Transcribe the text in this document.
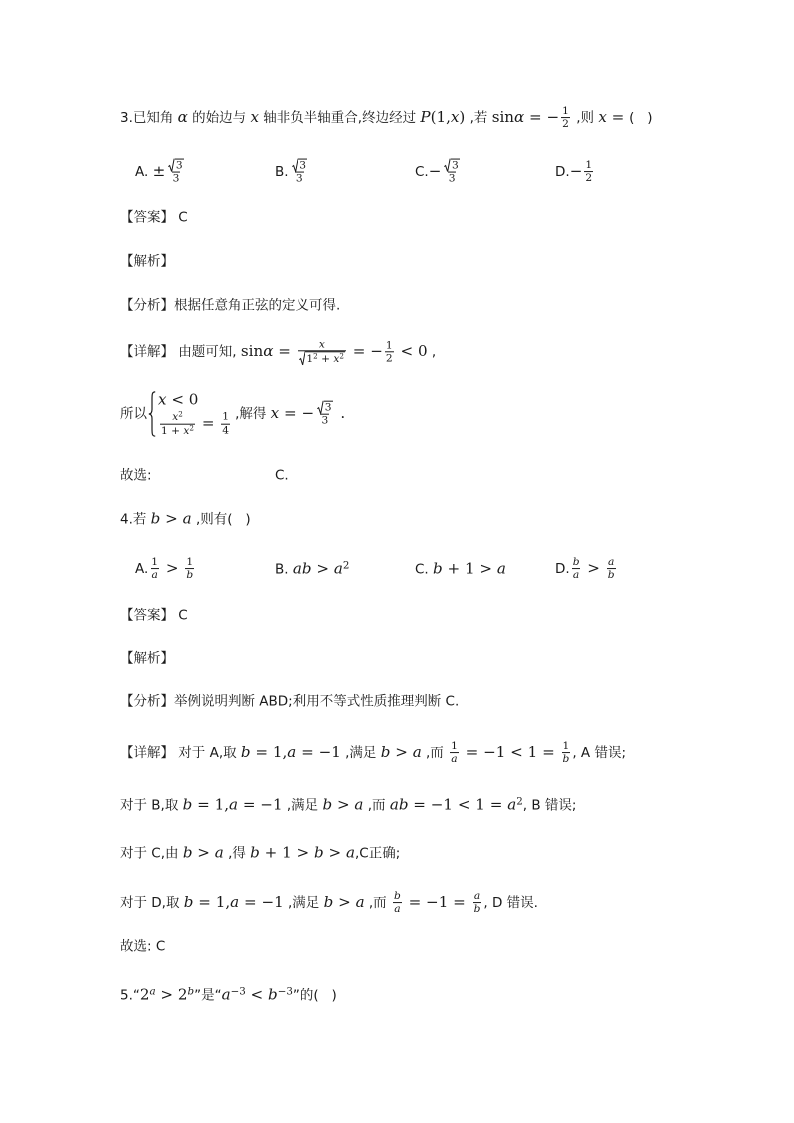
3.已知角 α 的始边与 x 轴非负半轴重合,终边经过 P(1,x) ,若 sinα = − $\frac{1}{2}$ ,则 x = (   )
A. ± $\frac{3}{3}$	B. $\frac{3}{3}$	$C.- \frac{3}{3}$	$D.- \frac{1}{2}$
【答案】 C
【解析】
【分析】根据任意角正弦的定义可得.
【详解】 由题可知, $\sin\alpha = \frac{x}{1^2 + x^2}$ = − $\frac{1}{2} < 0$ ,
所以
x < 0
$\frac{x^2}{1 + x^2} = \frac{1}{4}$ ,解得 x = − $\frac{3}{3}$ .
故选:	C.
4.若 b > a ,则有(   )
A. $\frac{1}{a} > \frac{1}{b}$	B. ab > $a^2$	C. b + 1 > a	D. $\frac{b}{a} > \frac{a}{b}$
【答案】 C
【解析】
【分析】举例说明判断 ABD;利用不等式性质推理判断 C.
【详解】 对于 A,取 b = 1,a = −1 ,满足 b > a ,而 $\frac{1}{a} = -1 < 1 = \frac{1}{b}$ , A 错误;
对于 B,取 b = 1,a = −1 ,满足 b > a ,而 ab = $-1 < 1 = a^2$, B 错误;
对于 C,由 b > a ,得 b + 1 > b > a,C正确;
对于 D,取 b = 1,a = −1 ,满足 b > a ,而 $\frac{b}{a} = -1 = \frac{a}{b}$ , D 错误.
故选: C
$5.“2^a > 2^b$”是“$a^{-3} < b^{-3}$”的(   )
